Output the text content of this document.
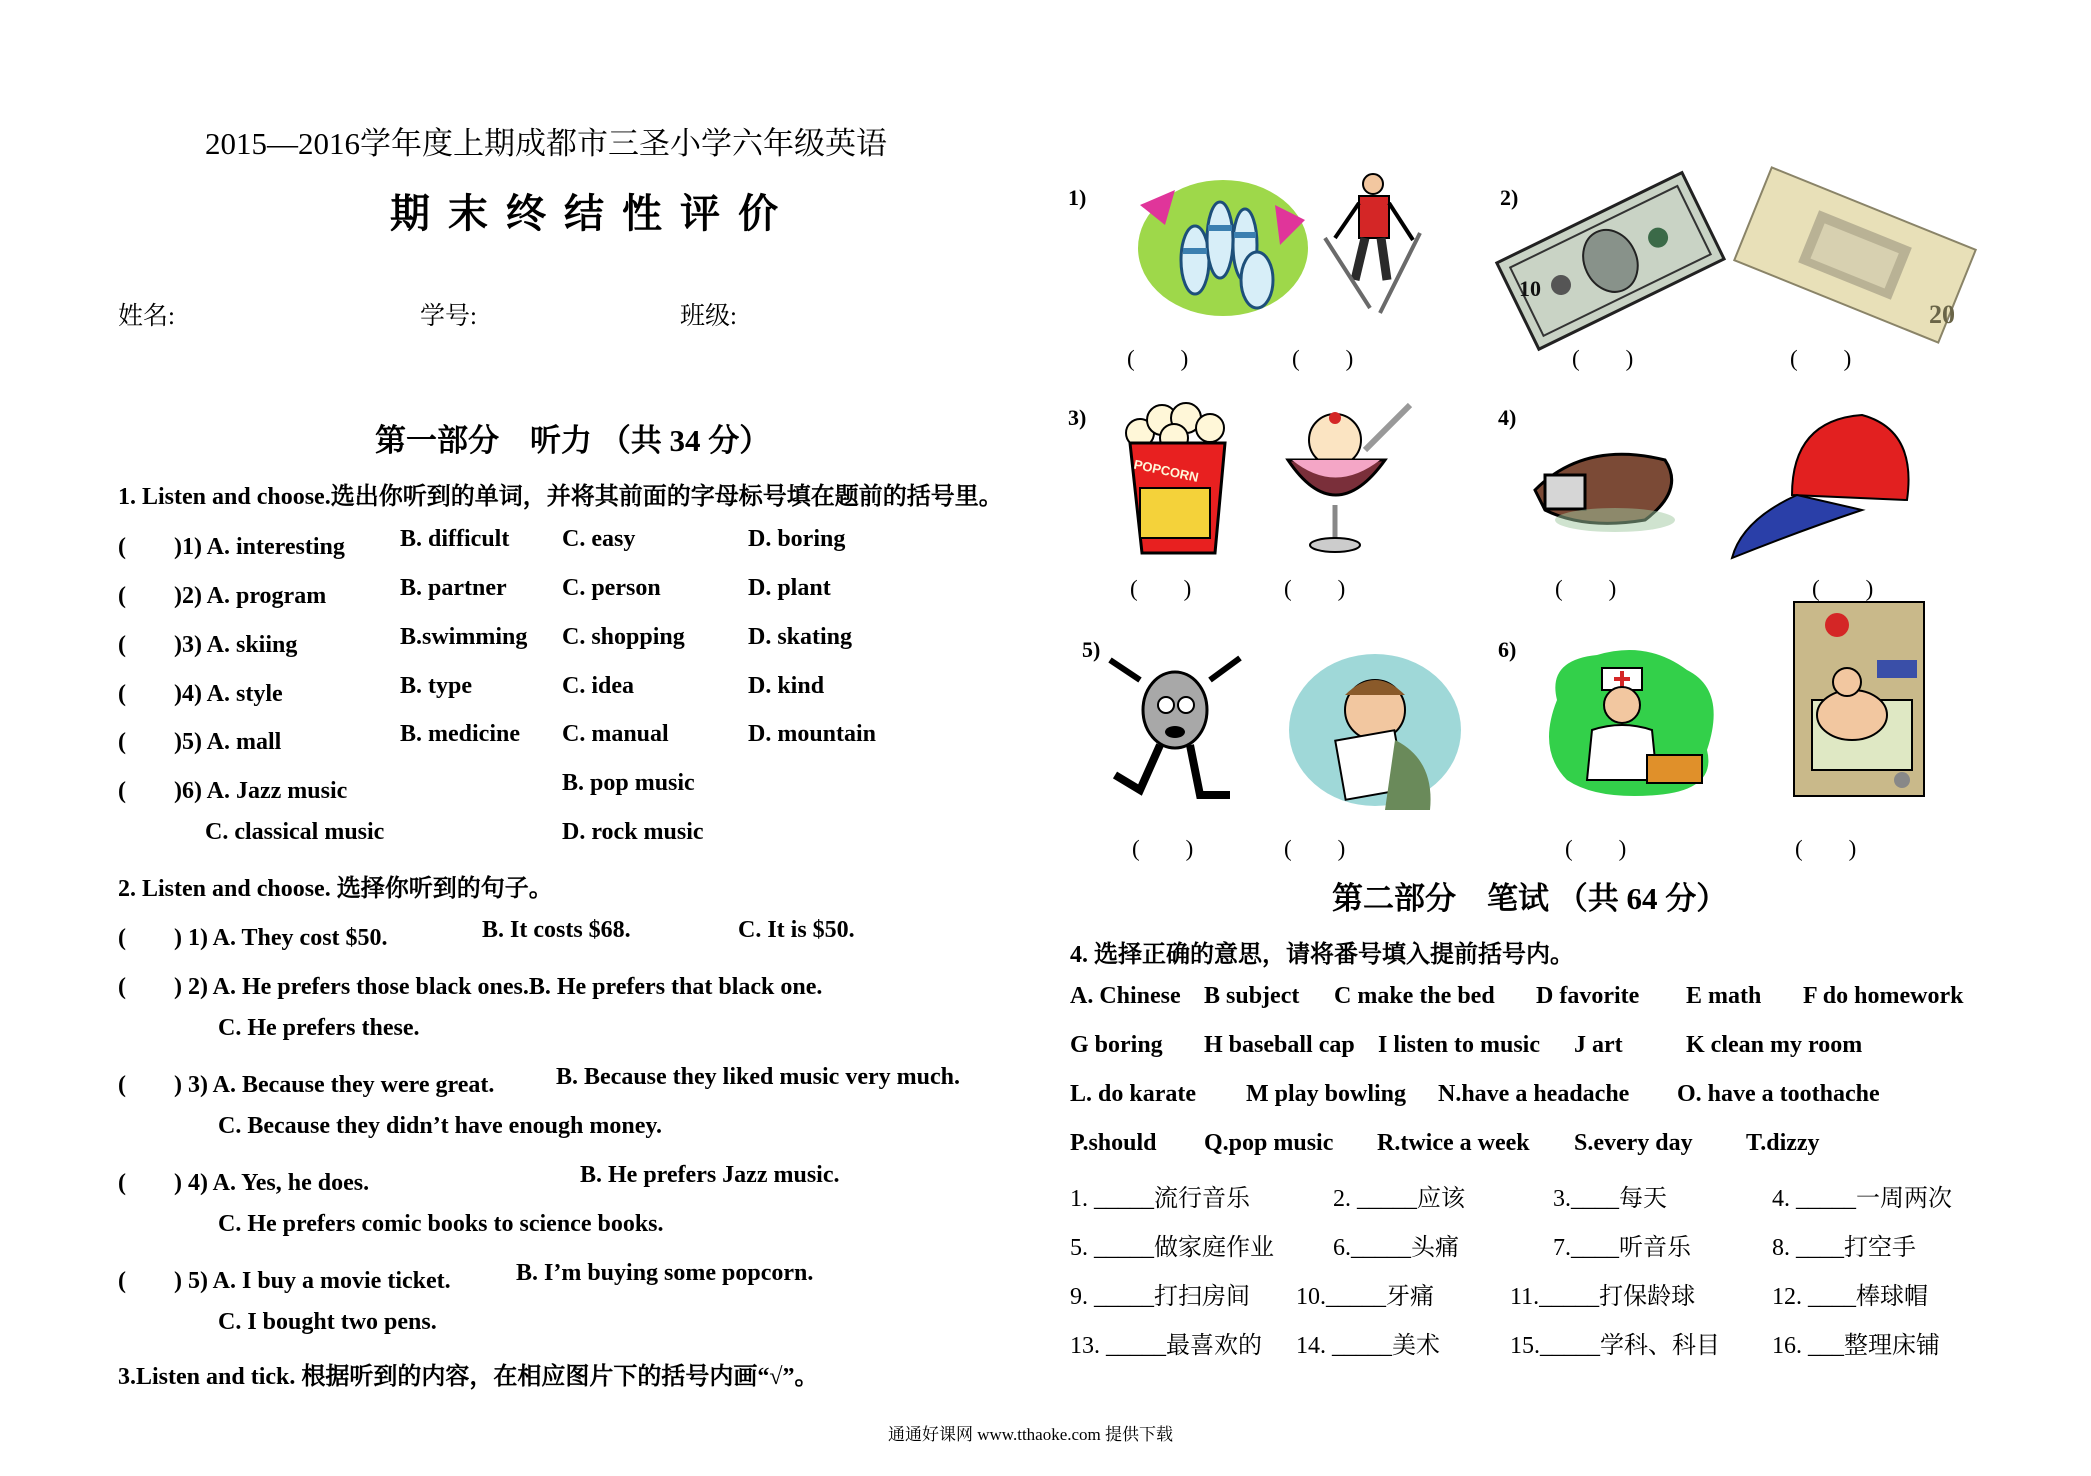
2015—2016学年度上期成都市三圣小学六年级英语
期末终结性评价
姓名:	学号:	班级:
第一部分　听力 （共 34 分）
1. Listen and choose.选出你听到的单词，并将其前面的字母标号填在题前的括号里。
(　　)1) A. interesting B. difficult C. easy	D. boring
(　　)2) A. program	B. partner C. person	D. plant
(　　)3) A. skiing	B.swimming C. shopping	D. skating
(　　)4) A. style	B. type	C. idea	D. kind
(　　)5) A. mall	B. medicine C. manual	D. mountain
(　　)6) A. Jazz music	B. pop music
C. classical music	D. rock music
2. Listen and choose. 选择你听到的句子。
(　　) 1) A. They cost $50.	B. It costs $68.	C. It is $50.
(　　) 2) A. He prefers those black ones.B. He prefers that black one.
C. He prefers these.
(　　) 3) A. Because they were great.	B. Because they liked music very much.
C. Because they didn’t have enough money.
(　　) 4) A. Yes, he does.	B. He prefers Jazz music.
C. He prefers comic books to science books.
(　　) 5) A. I buy a movie ticket.	B. I’m buying some popcorn.
C. I bought two pens.
3.Listen and tick. 根据听到的内容，在相应图片下的括号内画“√”。
1)	2)
3)	4)
5)	6)
10
20
(　　)	(　　)	(　　)	(　　)
POPCORN
(　　)	(　　)	(　　)	(　　)
(　　)	(　　)	(　　)	(　　)
第二部分　笔试 （共 64 分）
4. 选择正确的意思，请将番号填入提前括号内。
A. Chinese B subject C make the bed D favorite E math F do homework
G boring H baseball cap I listen to music J art	K clean my room
L. do karate M play bowling N.have a headache O. have a toothache
P.should Q.pop music R.twice a week S.every day T.dizzy
1. _____流行音乐	2. _____应该	3.____每天	4. _____一周两次
5. _____做家庭作业 6._____头痛	7.____听音乐	8. ____打空手
9. _____打扫房间 10._____牙痛	11._____打保龄球	12. ____棒球帽
13. _____最喜欢的 14. _____美术	15._____学科、科目 16. ___整理床铺
通通好课网 www.tthaoke.com 提供下载
